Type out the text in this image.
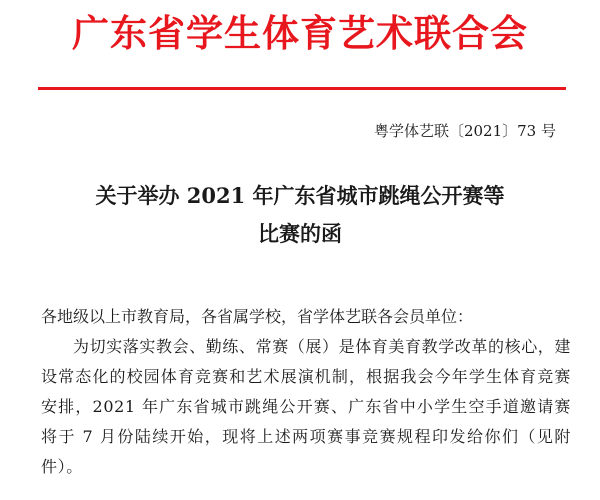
广东省学生体育艺术联合会
粤学体艺联〔2021〕73 号
关于举办 2021 年广东省城市跳绳公开赛等
比赛的函

各地级以上市教育局，各省属学校，省学体艺联各会员单位：

为切实落实教会、勤练、常赛（展）是体育美育教学改革的核心，建设常态化的校园体育竞赛和艺术展演机制，根据我会今年学生体育竞赛安排，2021 年广东省城市跳绳公开赛、广东省中小学生空手道邀请赛将于 7 月份陆续开始，现将上述两项赛事竞赛规程印发给你们（见附件）。
